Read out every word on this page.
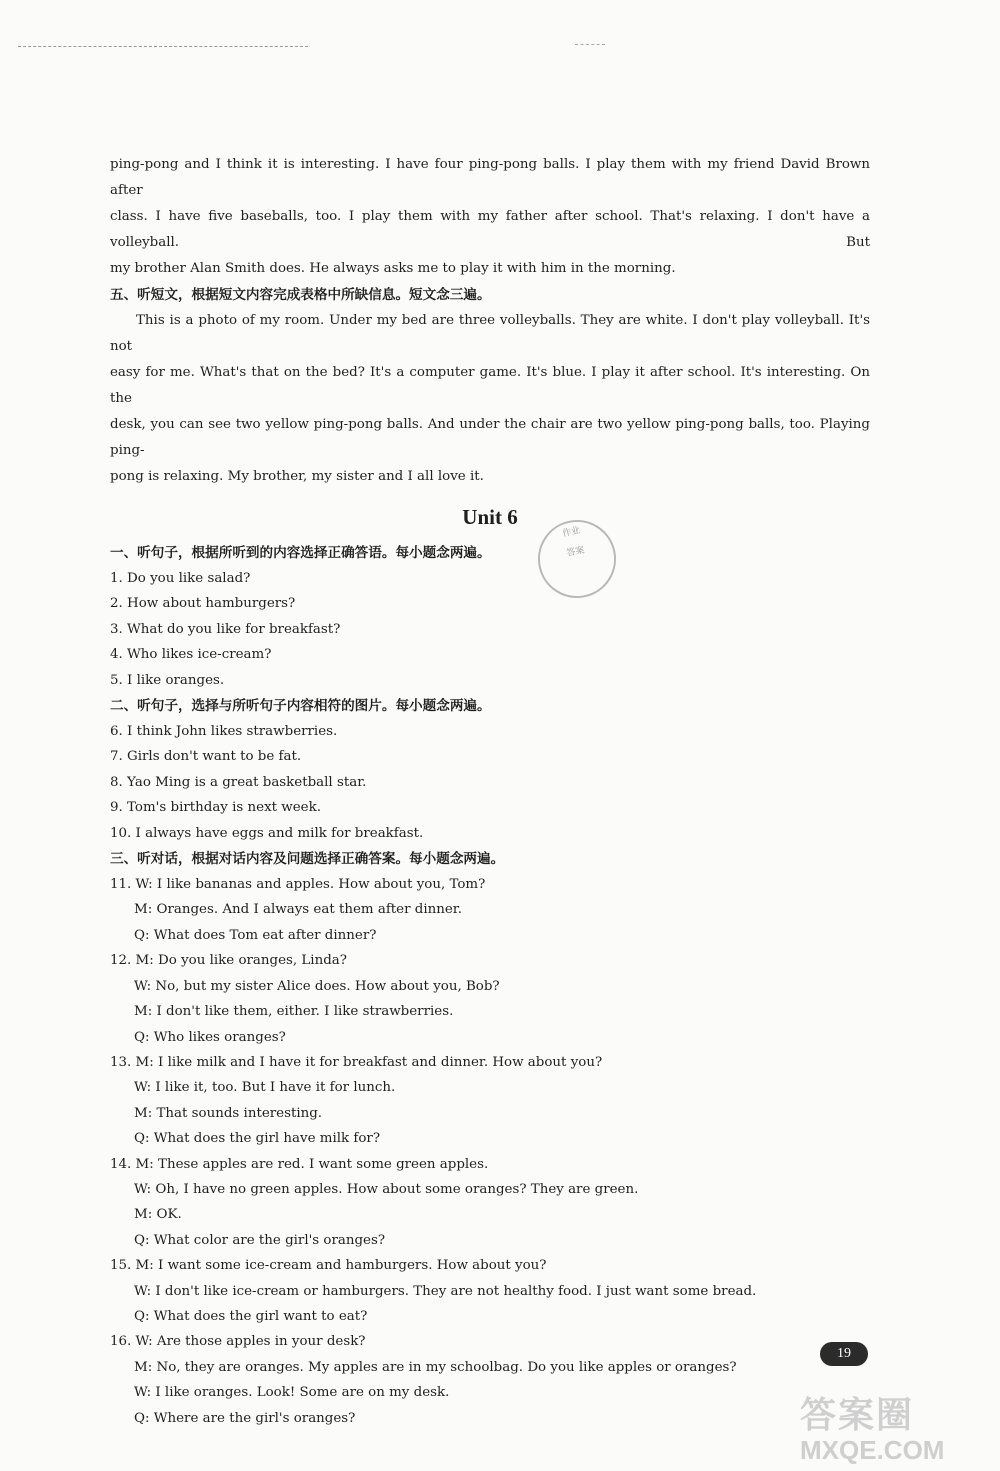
ping-pong and I think it is interesting. I have four ping-pong balls. I play them with my friend David Brown after

class. I have five baseballs, too. I play them with my father after school. That's relaxing. I don't have a volleyball. But

my brother Alan Smith does. He always asks me to play it with him in the morning.

五、听短文，根据短文内容完成表格中所缺信息。短文念三遍。

This is a photo of my room. Under my bed are three volleyballs. They are white. I don't play volleyball. It's not

easy for me. What's that on the bed? It's a computer game. It's blue. I play it after school. It's interesting. On the

desk, you can see two yellow ping-pong balls. And under the chair are two yellow ping-pong balls, too. Playing ping-

pong is relaxing. My brother, my sister and I all love it.

Unit 6

一、听句子，根据所听到的内容选择正确答语。每小题念两遍。

1. Do you like salad?

2. How about hamburgers?

3. What do you like for breakfast?

4. Who likes ice-cream?

5. I like oranges.

二、听句子，选择与所听句子内容相符的图片。每小题念两遍。

6. I think John likes strawberries.

7. Girls don't want to be fat.

8. Yao Ming is a great basketball star.

9. Tom's birthday is next week.

10. I always have eggs and milk for breakfast.

三、听对话，根据对话内容及问题选择正确答案。每小题念两遍。

11. W: I like bananas and apples. How about you, Tom?

M: Oranges. And I always eat them after dinner.

Q: What does Tom eat after dinner?

12. M: Do you like oranges, Linda?

W: No, but my sister Alice does. How about you, Bob?

M: I don't like them, either. I like strawberries.

Q: Who likes oranges?

13. M: I like milk and I have it for breakfast and dinner. How about you?

W: I like it, too. But I have it for lunch.

M: That sounds interesting.

Q: What does the girl have milk for?

14. M: These apples are red. I want some green apples.

W: Oh, I have no green apples. How about some oranges? They are green.

M: OK.

Q: What color are the girl's oranges?

15. M: I want some ice-cream and hamburgers. How about you?

W: I don't like ice-cream or hamburgers. They are not healthy food. I just want some bread.

Q: What does the girl want to eat?

16. W: Are those apples in your desk?

M: No, they are oranges. My apples are in my schoolbag. Do you like apples or oranges?

W: I like oranges. Look! Some are on my desk.

Q: Where are the girl's oranges?

作业
答案
19
答案圈
MXQE.COM
